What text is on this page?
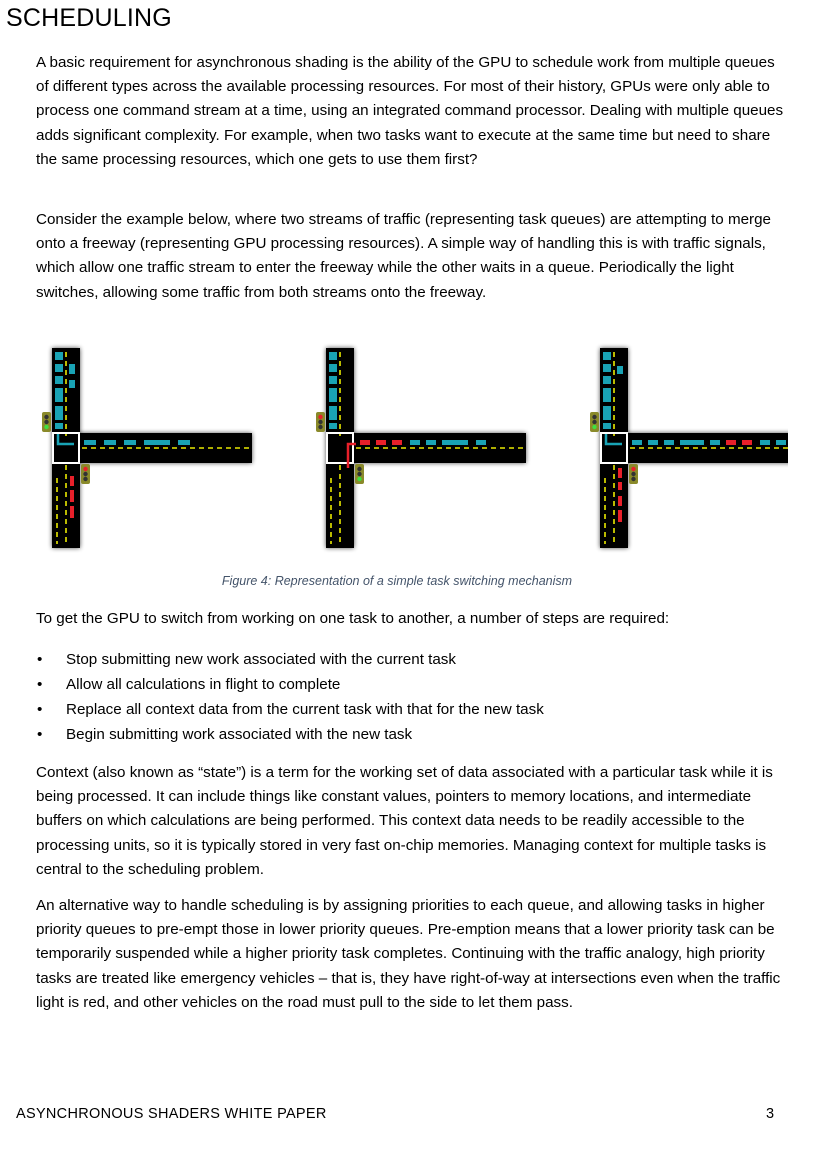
SCHEDULING

A basic requirement for asynchronous shading is the ability of the GPU to schedule work from multiple queues of different types across the available processing resources. For most of their history, GPUs were only able to process one command stream at a time, using an integrated command processor. Dealing with multiple queues adds significant complexity. For example, when two tasks want to execute at the same time but need to share the same processing resources, which one gets to use them first?

Consider the example below, where two streams of traffic (representing task queues) are attempting to merge onto a freeway (representing GPU processing resources). A simple way of handling this is with traffic signals, which allow one traffic stream to enter the freeway while the other waits in a queue. Periodically the light switches, allowing some traffic from both streams onto the freeway.

Figure 4: Representation of a simple task switching mechanism

To get the GPU to switch from working on one task to another, a number of steps are required:

• Stop submitting new work associated with the current task
• Allow all calculations in flight to complete
• Replace all context data from the current task with that for the new task
• Begin submitting work associated with the new task

Context (also known as “state”) is a term for the working set of data associated with a particular task while it is being processed. It can include things like constant values, pointers to memory locations, and intermediate buffers on which calculations are being performed. This context data needs to be readily accessible to the processing units, so it is typically stored in very fast on-chip memories. Managing context for multiple tasks is central to the scheduling problem.

An alternative way to handle scheduling is by assigning priorities to each queue, and allowing tasks in higher priority queues to pre-empt those in lower priority queues. Pre-emption means that a lower priority task can be temporarily suspended while a higher priority task completes. Continuing with the traffic analogy, high priority tasks are treated like emergency vehicles – that is, they have right-of-way at intersections even when the traffic light is red, and other vehicles on the road must pull to the side to let them pass.

ASYNCHRONOUS SHADERS WHITE PAPER	3
